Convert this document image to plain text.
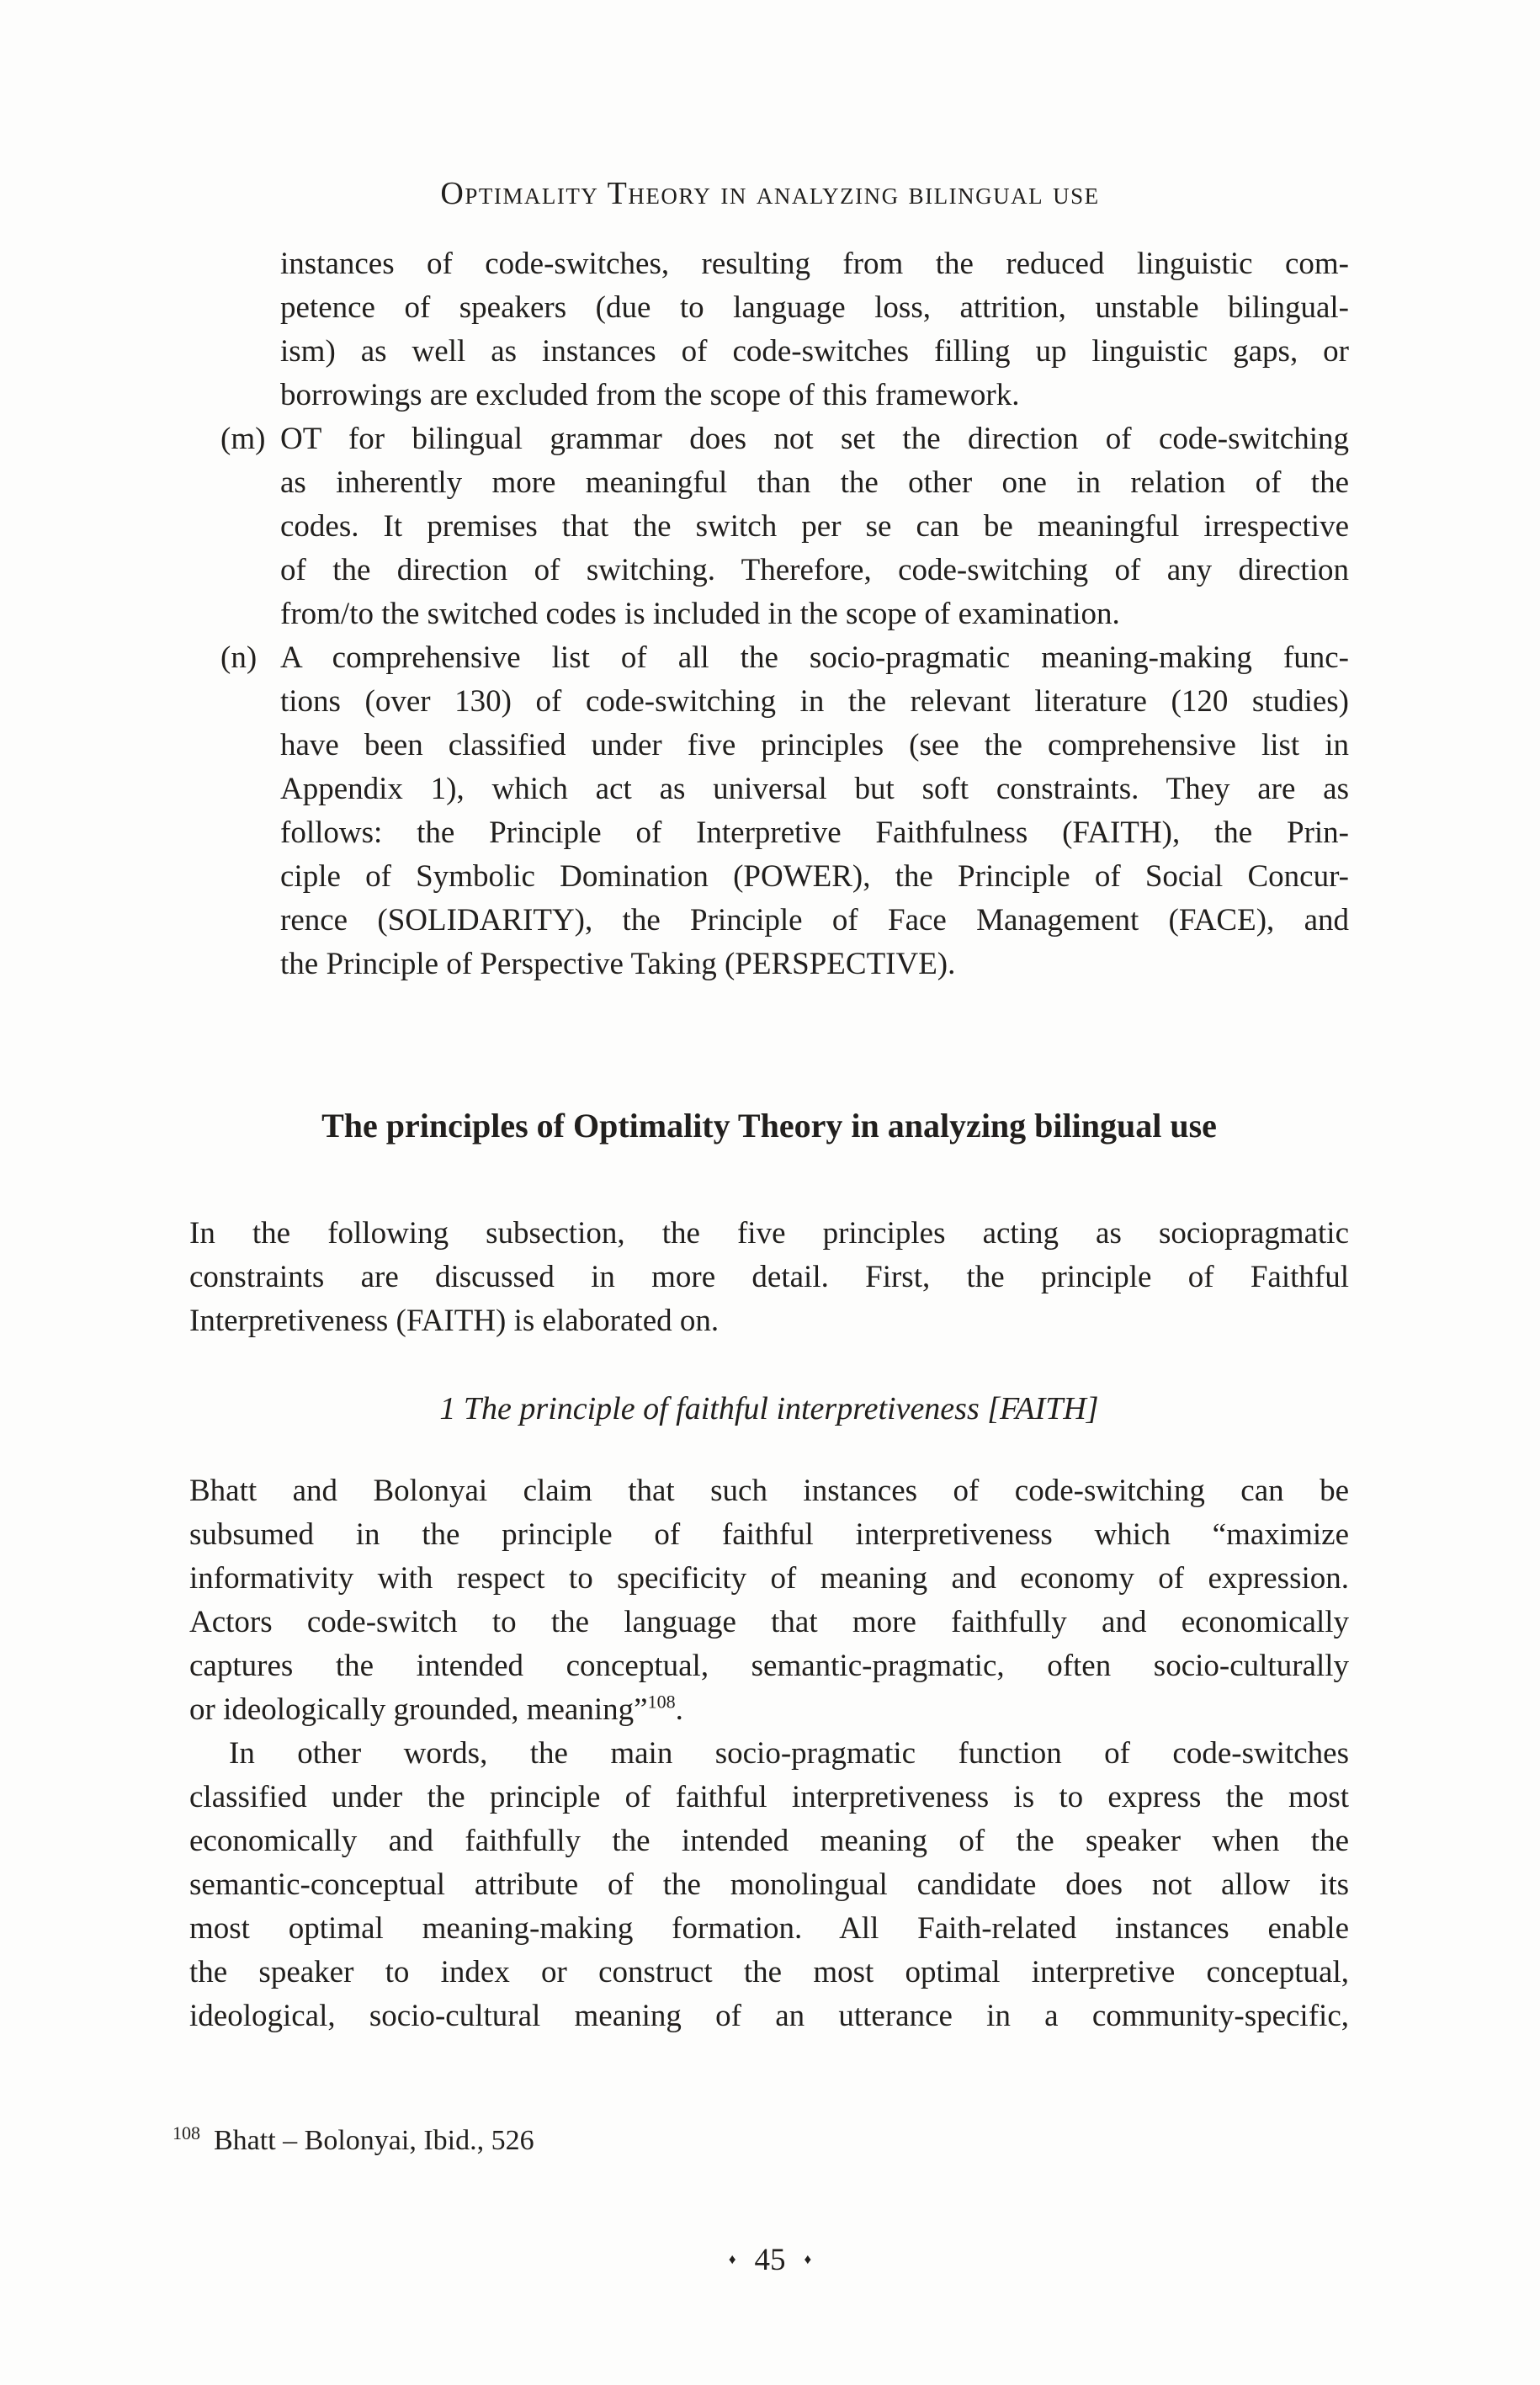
Optimality Theory in analyzing bilingual use
instances of code-switches, resulting from the reduced linguistic com-
petence of speakers (due to language loss, attrition, unstable bilingual-
ism) as well as instances of code-switches filling up linguistic gaps, or
borrowings are excluded from the scope of this framework.
(m) OT for bilingual grammar does not set the direction of code-switching
as inherently more meaningful than the other one in relation of the
codes. It premises that the switch per se can be meaningful irrespective
of the direction of switching. Therefore, code-switching of any direction
from/to the switched codes is included in the scope of examination.
(n) A comprehensive list of all the socio-pragmatic meaning-making func-
tions (over 130) of code-switching in the relevant literature (120 studies)
have been classified under five principles (see the comprehensive list in
Appendix 1), which act as universal but soft constraints. They are as
follows: the Principle of Interpretive Faithfulness (FAITH), the Prin-
ciple of Symbolic Domination (POWER), the Principle of Social Concur-
rence (SOLIDARITY), the Principle of Face Management (FACE), and
the Principle of Perspective Taking (PERSPECTIVE).
The principles of Optimality Theory in analyzing bilingual use
In the following subsection, the five principles acting as sociopragmatic
constraints are discussed in more detail. First, the principle of Faithful
Interpretiveness (FAITH) is elaborated on.
1 The principle of faithful interpretiveness [FAITH]
Bhatt and Bolonyai claim that such instances of code-switching can be
subsumed in the principle of faithful interpretiveness which “maximize
informativity with respect to specificity of meaning and economy of expression.
Actors code-switch to the language that more faithfully and economically
captures the intended conceptual, semantic-pragmatic, often socio-culturally
or ideologically grounded, meaning”$^{108}$.
In other words, the main socio-pragmatic function of code-switches
classified under the principle of faithful interpretiveness is to express the most
economically and faithfully the intended meaning of the speaker when the
semantic-conceptual attribute of the monolingual candidate does not allow its
most optimal meaning-making formation. All Faith-related instances enable
the speaker to index or construct the most optimal interpretive conceptual,
ideological, socio-cultural meaning of an utterance in a community-specific,
$^{108}$ Bhatt – Bolonyai, Ibid., 526
♦ 45 ♦
